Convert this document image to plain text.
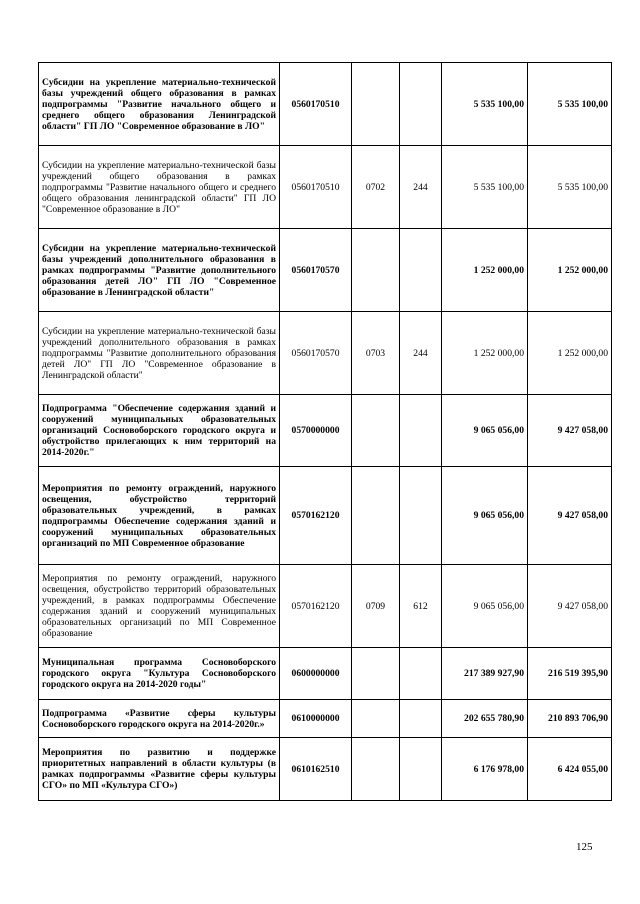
Субсидии на укрепление материально-технической базы учреждений общего образования в рамках подпрограммы "Развитие начального общего и среднего общего образования Ленинградской области" ГП ЛО "Современное образование в ЛО"	0560170510			5 535 100,00	5 535 100,00
Субсидии на укрепление материально-технической базы учреждений общего образования в рамках подпрограммы "Развитие начального общего и среднего общего образования ленинградской области" ГП ЛО "Современное образование в ЛО"	0560170510	0702	244	5 535 100,00	5 535 100,00
Субсидии на укрепление материально-технической базы учреждений дополнительного образования в рамках подпрограммы "Развитие дополнительного образования детей ЛО" ГП ЛО "Современное образование в Ленинградской области"	0560170570			1 252 000,00	1 252 000,00
Субсидии на укрепление материально-технической базы учреждений дополнительного образования в рамках подпрограммы "Развитие дополнительного образования детей ЛО" ГП ЛО "Современное образование в Ленинградской области"	0560170570	0703	244	1 252 000,00	1 252 000,00
Подпрограмма "Обеспечение содержания зданий и сооружений муниципальных образовательных организаций Сосновоборского городского округа и обустройство прилегающих к ним территорий на 2014-2020г."	0570000000			9 065 056,00	9 427 058,00
Мероприятия по ремонту ограждений, наружного освещения, обустройство территорий образовательных учреждений, в рамках подпрограммы Обеспечение содержания зданий и сооружений муниципальных образовательных организаций по МП Современное образование	0570162120			9 065 056,00	9 427 058,00
Мероприятия по ремонту ограждений, наружного освещения, обустройство территорий образовательных учреждений, в рамках подпрограммы Обеспечение содержания зданий и сооружений муниципальных образовательных организаций по МП Современное образование	0570162120	0709	612	9 065 056,00	9 427 058,00
Муниципальная программа Сосновоборского городского округа "Культура Сосновоборского городского округа на 2014-2020 годы"	0600000000			217 389 927,90	216 519 395,90
Подпрограмма «Развитие сферы культуры Сосновоборского городского округа на 2014-2020г.»	0610000000			202 655 780,90	210 893 706,90
Мероприятия по развитию и поддержке приоритетных направлений в области культуры (в рамках подпрограммы «Развитие сферы культуры СГО» по МП «Культура СГО»)	0610162510			6 176 978,00	6 424 055,00
125
